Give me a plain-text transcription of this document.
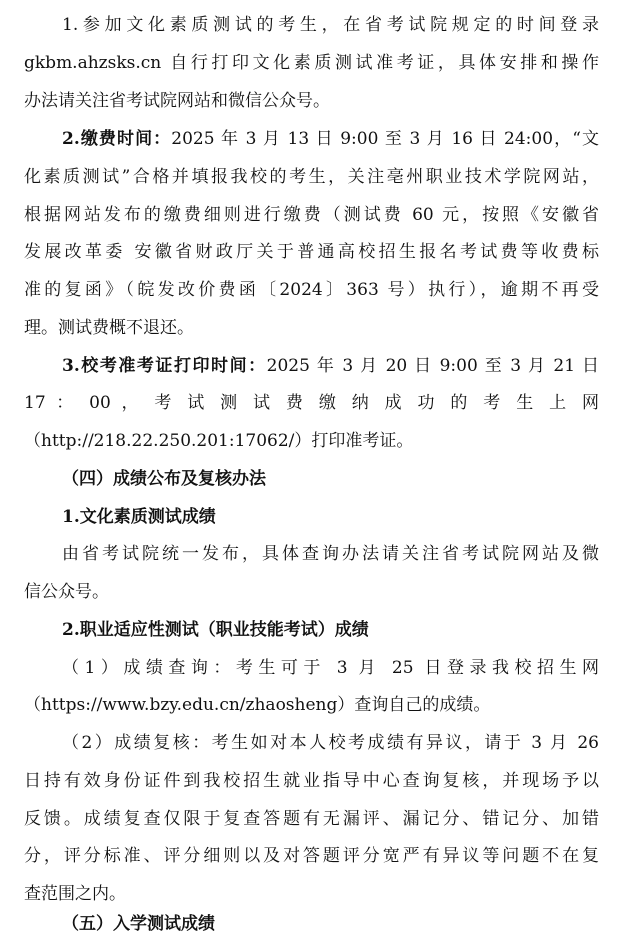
1.参加文化素质测试的考生，在省考试院规定的时间登录
gkbm.ahzsks.cn 自行打印文化素质测试准考证，具体安排和操作
办法请关注省考试院网站和微信公众号。
2.缴费时间：2025 年 3 月 13 日 9:00 至 3 月 16 日 24:00，“文
化素质测试”合格并填报我校的考生，关注亳州职业技术学院网站，
根据网站发布的缴费细则进行缴费（测试费 60 元，按照《安徽省
发展改革委 安徽省财政厅关于普通高校招生报名考试费等收费标
准的复函》（皖发改价费函〔2024〕363 号）执行），逾期不再受
理。测试费概不退还。
3.校考准考证打印时间：2025 年 3 月 20 日 9:00 至 3 月 21 日
17 ： 00 ， 考 试 测 试 费 缴 纳 成 功 的 考 生 上 网
（http://218.22.250.201:17062/）打印准考证。
（四）成绩公布及复核办法
1.文化素质测试成绩
由省考试院统一发布，具体查询办法请关注省考试院网站及微
信公众号。
2.职业适应性测试（职业技能考试）成绩
（1）成绩查询：考生可于 3 月 25 日登录我校招生网
（https://www.bzy.edu.cn/zhaosheng）查询自己的成绩。
（2）成绩复核：考生如对本人校考成绩有异议，请于 3 月 26
日持有效身份证件到我校招生就业指导中心查询复核，并现场予以
反馈。成绩复查仅限于复查答题有无漏评、漏记分、错记分、加错
分，评分标准、评分细则以及对答题评分宽严有异议等问题不在复
查范围之内。
（五）入学测试成绩
